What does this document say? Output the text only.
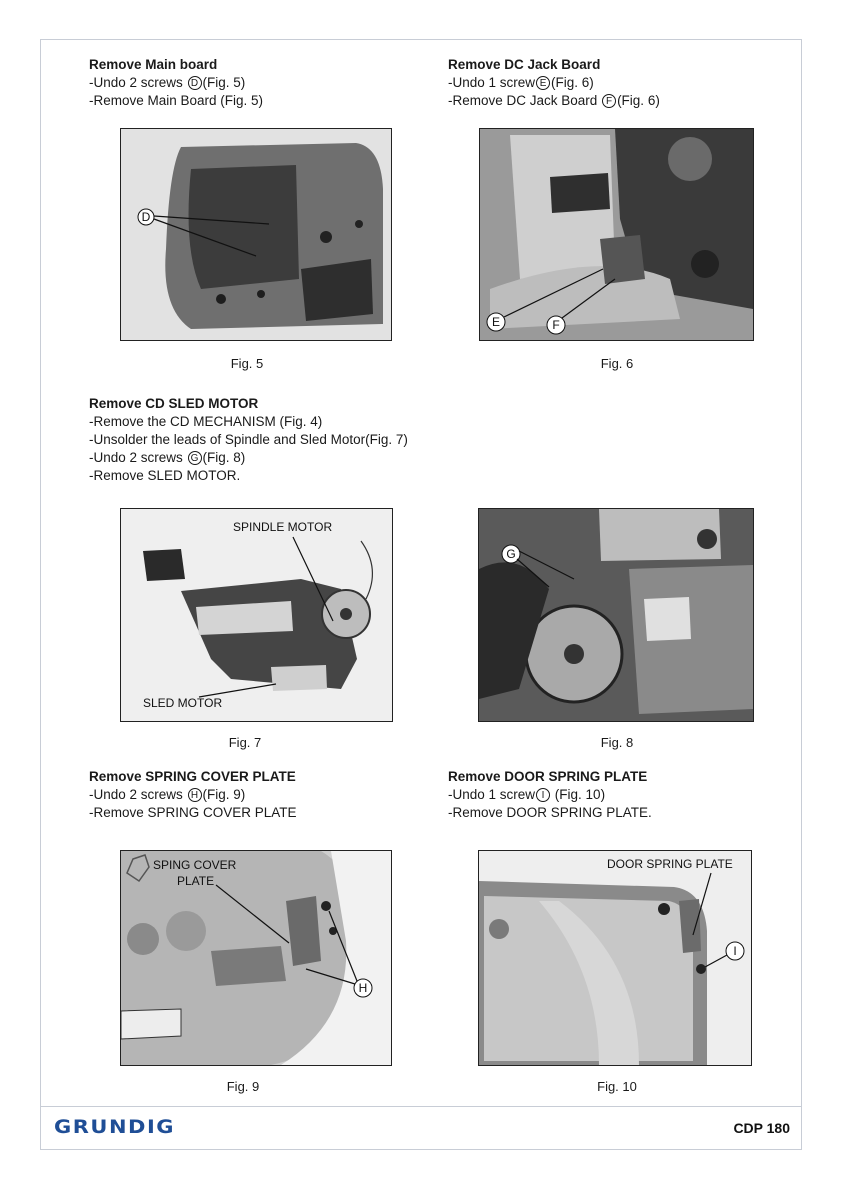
Remove Main board
-Undo 2 screws D (Fig. 5)
-Remove Main Board (Fig. 5)
Remove DC Jack Board
-Undo 1 screw E (Fig. 6)
-Remove DC Jack Board F (Fig. 6)
D
Fig. 5
E	F
Fig. 6
Remove CD SLED MOTOR
-Remove the CD MECHANISM (Fig. 4)
-Unsolder the leads of Spindle and Sled Motor(Fig. 7)
-Undo 2 screws G (Fig. 8)
-Remove SLED MOTOR.
SPINDLE MOTOR
SLED MOTOR
Fig. 7
G
Fig. 8
Remove SPRING COVER PLATE
-Undo 2 screws H (Fig. 9)
-Remove SPRING COVER PLATE
Remove DOOR SPRING PLATE
-Undo 1 screw I (Fig. 10)
-Remove DOOR SPRING PLATE.
SPING COVER
PLATE
H
Fig. 9
DOOR SPRING PLATE
I
Fig. 10
GRUNDIG	CDP 180
